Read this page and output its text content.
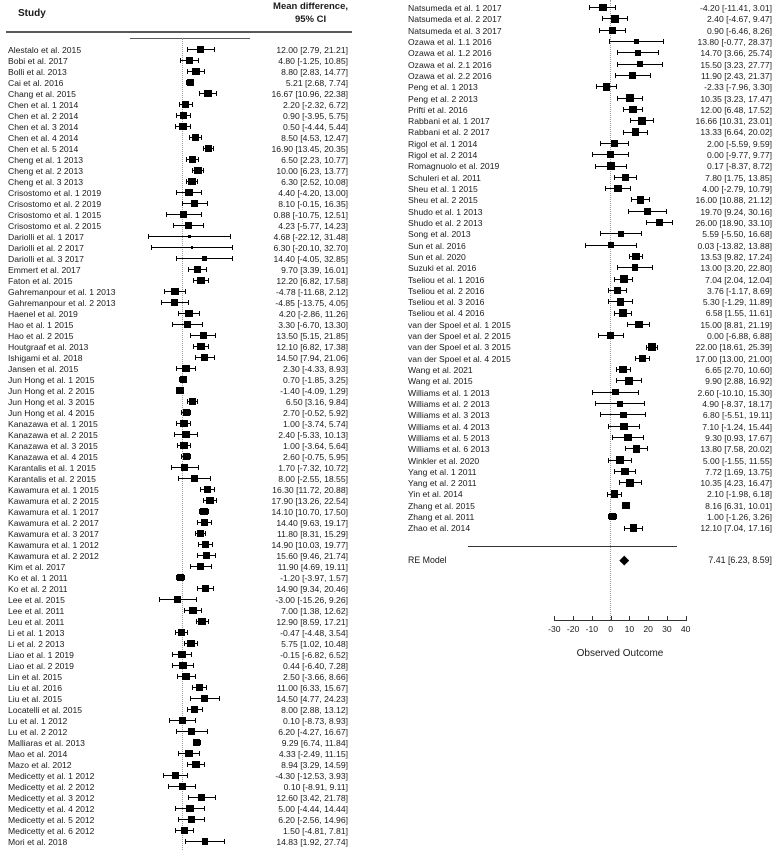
Study
Mean difference,
95% CI
Alestalo et al. 2015	12.00 [2.79, 21.21]
Bobi et al. 2017	4.80 [-1.25, 10.85]
Bolli et al. 2013	8.80 [2.83, 14.77]
Cai et al. 2016	5.21 [2.68, 7.74]
Chang et al. 2015	16.67 [10.96, 22.38]
Chen et al. 1 2014	2.20 [-2.32, 6.72]
Chen et al. 2 2014	0.90 [-3.95, 5.75]
Chen et al. 3 2014	0.50 [-4.44, 5.44]
Chen et al. 4 2014	8.50 [4.53, 12.47]
Chen et al. 5 2014	16.90 [13.45, 20.35]
Cheng et al. 1 2013	6.50 [2.23, 10.77]
Cheng et al. 2 2013	10.00 [6.23, 13.77]
Cheng et al. 3 2013	6.30 [2.52, 10.08]
Crisostomo et al. 1 2019	4.40 [-4.20, 13.00]
Crisostomo et al. 2 2019	8.10 [-0.15, 16.35]
Crisostomo et al. 1 2015	0.88 [-10.75, 12.51]
Crisostomo et al. 2 2015	4.23 [-5.77, 14.23]
Dariolli et al. 1 2017	4.68 [-22.12, 31.48]
Dariolli et al. 2 2017	6.30 [-20.10, 32.70]
Dariolli et al. 3 2017	14.40 [-4.05, 32.85]
Emmert et al. 2017	9.70 [3.39, 16.01]
Faton et al. 2015	12.20 [6.82, 17.58]
Gahremanpour et al. 1 2013	-4.78 [-11.68, 2.12]
Gahremanpour et al. 2 2013	-4.85 [-13.75, 4.05]
Haenel et al. 2019	4.20 [-2.86, 11.26]
Hao et al. 1 2015	3.30 [-6.70, 13.30]
Hao et al. 2 2015	13.50 [5.15, 21.85]
Houtgraaf et al. 2013	12.10 [6.82, 17.38]
Ishigami et al. 2018	14.50 [7.94, 21.06]
Jansen et al. 2015	2.30 [-4.33, 8.93]
Jun Hong et al. 1 2015	0.70 [-1.85, 3.25]
Jun Hong et al. 2 2015	-1.40 [-4.09, 1.29]
Jun Hong et al. 3 2015	6.50 [3.16, 9.84]
Jun Hong et al. 4 2015	2.70 [-0.52, 5.92]
Kanazawa et al. 1 2015	1.00 [-3.74, 5.74]
Kanazawa et al. 2 2015	2.40 [-5.33, 10.13]
Kanazawa et al. 3 2015	1.00 [-3.64, 5.64]
Kanazawa et al. 4 2015	2.60 [-0.75, 5.95]
Karantalis et al. 1 2015	1.70 [-7.32, 10.72]
Karantalis et al. 2 2015	8.00 [-2.55, 18.55]
Kawamura et al. 1 2015	16.30 [11.72, 20.88]
Kawamura et al. 2 2015	17.90 [13.26, 22.54]
Kawamura et al. 1 2017	14.10 [10.70, 17.50]
Kawamura et al. 2 2017	14.40 [9.63, 19.17]
Kawamura et al. 3 2017	11.80 [8.31, 15.29]
Kawamura et al. 1 2012	14.90 [10.03, 19.77]
Kawamura et al. 2 2012	15.60 [9.46, 21.74]
Kim et al. 2017	11.90 [4.69, 19.11]
Ko et al. 1 2011	-1.20 [-3.97, 1.57]
Ko et al. 2 2011	14.90 [9.34, 20.46]
Lee et al. 2015	-3.00 [-15.26, 9.26]
Lee et al. 2011	7.00 [1.38, 12.62]
Leu et al. 2011	12.90 [8.59, 17.21]
Li et al. 1 2013	-0.47 [-4.48, 3.54]
Li et al. 2 2013	5.75 [1.02, 10.48]
Liao et al. 1 2019	-0.15 [-6.82, 6.52]
Liao et al. 2 2019	0.44 [-6.40, 7.28]
Lin et al. 2015	2.50 [-3.66, 8.66]
Liu et al. 2016	11.00 [6.33, 15.67]
Liu et al. 2015	14.50 [4.77, 24.23]
Locatelli et al. 2015	8.00 [2.88, 13.12]
Lu et al. 1 2012	0.10 [-8.73, 8.93]
Lu et al. 2 2012	6.20 [-4.27, 16.67]
Malliaras et al. 2013	9.29 [6.74, 11.84]
Mao et al. 2014	4.33 [-2.49, 11.15]
Mazo et al. 2012	8.94 [3.29, 14.59]
Medicetty et al. 1 2012	-4.30 [-12.53, 3.93]
Medicetty et al. 2 2012	0.10 [-8.91, 9.11]
Medicetty et al. 3 2012	12.60 [3.42, 21.78]
Medicetty et al. 4 2012	5.00 [-4.44, 14.44]
Medicetty et al. 5 2012	6.20 [-2.56, 14.96]
Medicetty et al. 6 2012	1.50 [-4.81, 7.81]
Mori et al. 2018	14.83 [1.92, 27.74]
Natsumeda et al. 1 2017	-4.20 [-11.41, 3.01]
Natsumeda et al. 2 2017	2.40 [-4.67, 9.47]
Natsumeda et al. 3 2017	0.90 [-6.46, 8.26]
Ozawa et al. 1.1 2016	13.80 [-0.77, 28.37]
Ozawa et al. 1.2 2016	14.70 [3.66, 25.74]
Ozawa et al. 2.1 2016	15.50 [3.23, 27.77]
Ozawa et al. 2.2 2016	11.90 [2.43, 21.37]
Peng et al. 1 2013	-2.33 [-7.96, 3.30]
Peng et al. 2 2013	10.35 [3.23, 17.47]
Prifti et al. 2016	12.00 [6.48, 17.52]
Rabbani et al. 1 2017	16.66 [10.31, 23.01]
Rabbani et al. 2 2017	13.33 [6.64, 20.02]
Rigol et al. 1 2014	2.00 [-5.59, 9.59]
Rigol et al. 2 2014	0.00 [-9.77, 9.77]
Romagnuolo et al. 2019	0.17 [-8.37, 8.72]
Schuleri et al. 2011	7.80 [1.75, 13.85]
Sheu et al. 1 2015	4.00 [-2.79, 10.79]
Sheu et al. 2 2015	16.00 [10.88, 21.12]
Shudo et al. 1 2013	19.70 [9.24, 30.16]
Shudo et al. 2 2013	26.00 [18.90, 33.10]
Song et al. 2013	5.59 [-5.50, 16.68]
Sun et al. 2016	0.03 [-13.82, 13.88]
Sun et al. 2020	13.53 [9.82, 17.24]
Suzuki et al. 2016	13.00 [3.20, 22.80]
Tseliou et al. 1 2016	7.04 [2.04, 12.04]
Tseliou et al. 2 2016	3.76 [-1.17, 8.69]
Tseliou et al. 3 2016	5.30 [-1.29, 11.89]
Tseliou et al. 4 2016	6.58 [1.55, 11.61]
van der Spoel et al. 1 2015	15.00 [8.81, 21.19]
van der Spoel et al. 2 2015	0.00 [-6.88, 6.88]
van der Spoel et al. 3 2015	22.00 [18.61, 25.39]
van der Spoel et al. 4 2015	17.00 [13.00, 21.00]
Wang et al. 2021	6.65 [2.70, 10.60]
Wang et al. 2015	9.90 [2.88, 16.92]
Williams et al. 1 2013	2.60 [-10.10, 15.30]
Williams et al. 2 2013	4.90 [-8.37, 18.17]
Williams et al. 3 2013	6.80 [-5.51, 19.11]
Williams et al. 4 2013	7.10 [-1.24, 15.44]
Williams et al. 5 2013	9.30 [0.93, 17.67]
Williams et al. 6 2013	13.80 [7.58, 20.02]
Winkler et al. 2020	5.00 [-1.55, 11.55]
Yang et al. 1 2011	7.72 [1.69, 13.75]
Yang et al. 2 2011	10.35 [4.23, 16.47]
Yin et al. 2014	2.10 [-1.98, 6.18]
Zhang et al. 2015	8.16 [6.31, 10.01]
Zhang et al. 2011	1.00 [-1.26, 3.26]
Zhao et al. 2014	12.10 [7.04, 17.16]
RE Model	7.41 [6.23, 8.59]
-30 -20 -10	0	10	20	30	40
Observed Outcome
